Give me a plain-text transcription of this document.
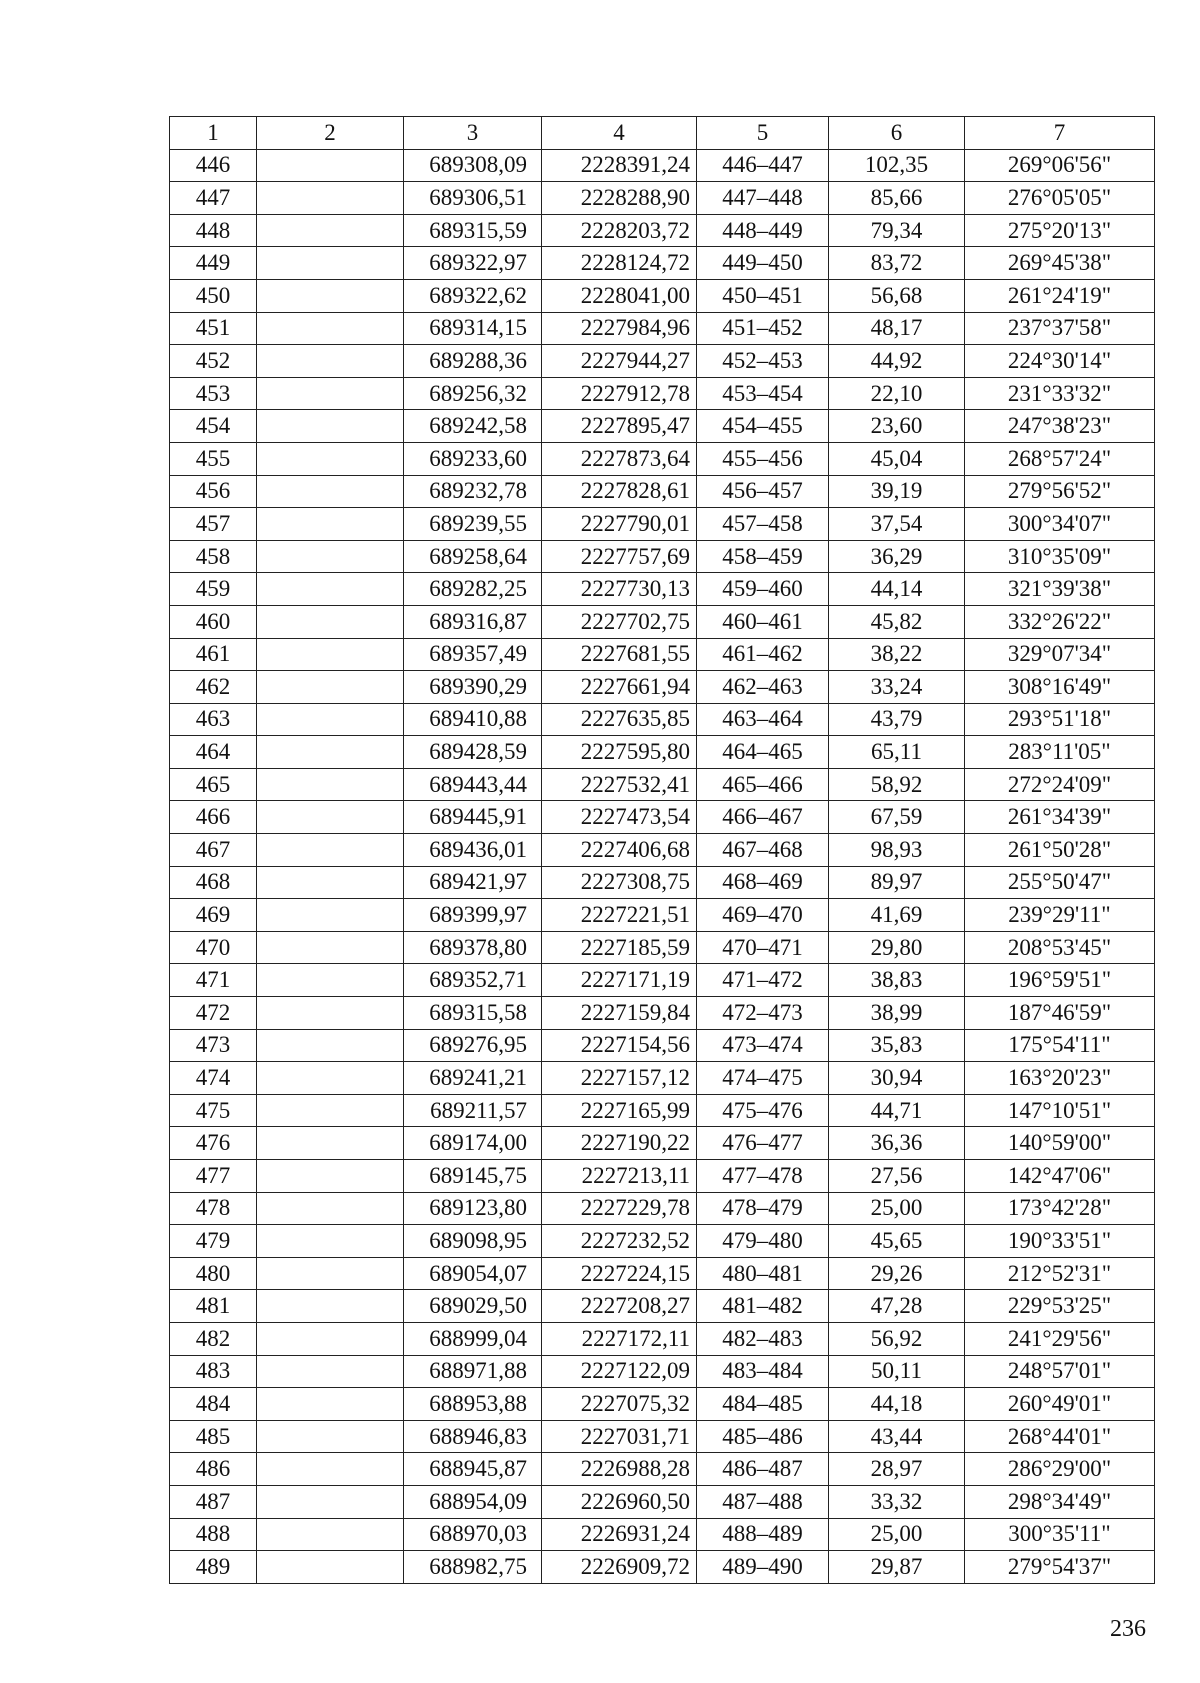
1	2	3	4	5	6	7
446		689308,09	2228391,24	446–447	102,35	269°06'56"
447		689306,51	2228288,90	447–448	85,66	276°05'05"
448		689315,59	2228203,72	448–449	79,34	275°20'13"
449		689322,97	2228124,72	449–450	83,72	269°45'38"
450		689322,62	2228041,00	450–451	56,68	261°24'19"
451		689314,15	2227984,96	451–452	48,17	237°37'58"
452		689288,36	2227944,27	452–453	44,92	224°30'14"
453		689256,32	2227912,78	453–454	22,10	231°33'32"
454		689242,58	2227895,47	454–455	23,60	247°38'23"
455		689233,60	2227873,64	455–456	45,04	268°57'24"
456		689232,78	2227828,61	456–457	39,19	279°56'52"
457		689239,55	2227790,01	457–458	37,54	300°34'07"
458		689258,64	2227757,69	458–459	36,29	310°35'09"
459		689282,25	2227730,13	459–460	44,14	321°39'38"
460		689316,87	2227702,75	460–461	45,82	332°26'22"
461		689357,49	2227681,55	461–462	38,22	329°07'34"
462		689390,29	2227661,94	462–463	33,24	308°16'49"
463		689410,88	2227635,85	463–464	43,79	293°51'18"
464		689428,59	2227595,80	464–465	65,11	283°11'05"
465		689443,44	2227532,41	465–466	58,92	272°24'09"
466		689445,91	2227473,54	466–467	67,59	261°34'39"
467		689436,01	2227406,68	467–468	98,93	261°50'28"
468		689421,97	2227308,75	468–469	89,97	255°50'47"
469		689399,97	2227221,51	469–470	41,69	239°29'11"
470		689378,80	2227185,59	470–471	29,80	208°53'45"
471		689352,71	2227171,19	471–472	38,83	196°59'51"
472		689315,58	2227159,84	472–473	38,99	187°46'59"
473		689276,95	2227154,56	473–474	35,83	175°54'11"
474		689241,21	2227157,12	474–475	30,94	163°20'23"
475		689211,57	2227165,99	475–476	44,71	147°10'51"
476		689174,00	2227190,22	476–477	36,36	140°59'00"
477		689145,75	2227213,11	477–478	27,56	142°47'06"
478		689123,80	2227229,78	478–479	25,00	173°42'28"
479		689098,95	2227232,52	479–480	45,65	190°33'51"
480		689054,07	2227224,15	480–481	29,26	212°52'31"
481		689029,50	2227208,27	481–482	47,28	229°53'25"
482		688999,04	2227172,11	482–483	56,92	241°29'56"
483		688971,88	2227122,09	483–484	50,11	248°57'01"
484		688953,88	2227075,32	484–485	44,18	260°49'01"
485		688946,83	2227031,71	485–486	43,44	268°44'01"
486		688945,87	2226988,28	486–487	28,97	286°29'00"
487		688954,09	2226960,50	487–488	33,32	298°34'49"
488		688970,03	2226931,24	488–489	25,00	300°35'11"
489		688982,75	2226909,72	489–490	29,87	279°54'37"
236
